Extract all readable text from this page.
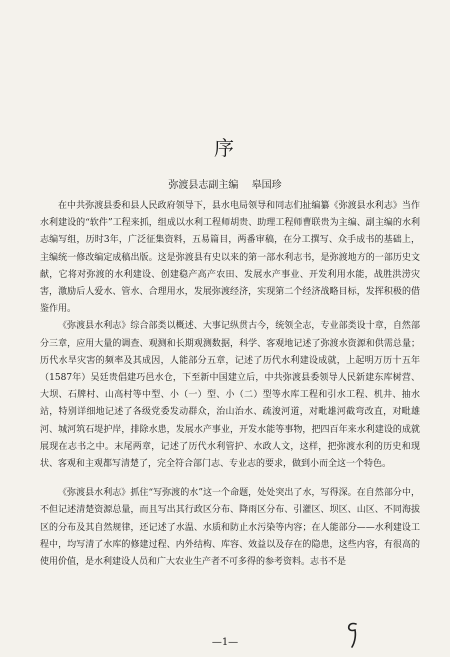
序
弥渡县志副主编 皋国珍

在中共弥渡县委和县人民政府领导下，县水电局领导和同志们扯编纂《弥渡县水利志》当作水利建设的“软件”工程来抓，组成以水利工程师胡贵、助理工程师曹联贵为主编、副主编的水利志编写组，历时3年，广泛征集资料，五易篇目，两番审稿，在分工撰写、众手成书的基础上，主编统一修改编定成稿出版。这是弥渡县有史以来的第一部水利志书，是弥渡地方的一部历史文献，它将对弥渡的水利建设、创建稳产高产农田、发展水产事业、开发利用水能，战胜洪涝灾害，激励后人爱水、管水、合理用水，发展弥渡经济，实现第二个经济战略目标，发挥积极的借鉴作用。

《弥渡县水利志》综合部类以概述、大事记纵贯古今，统领全志，专业部类设十章，自然部分三章，应用大量的调查、观测和长期观测数据，科学、客观地记述了弥渡水资源和供需总量；历代水旱灾害的频率及其成因，人能部分五章，记述了历代水利建设成就，上起明万历十五年（1587年）吴廷贵倡建巧邑水仓，下至新中国建立后，中共弥渡县委领导人民新建东库树营、大坝、石牌村、山高村等中型、小（一）型、小（二）型等水库工程和引水工程、机井、抽水站，特别详细地记述了各级党委发动群众，治山治水、疏浚河道，对毗雄河截弯改直，对毗雄河、城河筑石堤护岸，排除水患，发展水产事业，开发水能等事物，把四百年来水利建设的成就展现在志书之中。末尾两章，记述了历代水利管护、水政人文，这样，把弥渡水利的历史和现状、客观和主观都写清楚了，完全符合部门志、专业志的要求，做到小而全这一个特色。

《弥渡县水利志》抓住“写弥渡的水”这一个命题，处处突出了水，写得深。在自然部分中，不但记述清楚资源总量，而且写出其行政区分布、降雨区分布、引灌区、坝区、山区、不同海拔区的分布及其自然规律，还记述了水温、水质和防止水污染等内容；在人能部分——水利建设工程中，均写清了水库的修建过程、内外结构、库容、效益以及存在的隐患，这些内容，有很高的使用价值，是水利建设人员和广大农业生产者不可多得的参考资料。志书不是

—1—
